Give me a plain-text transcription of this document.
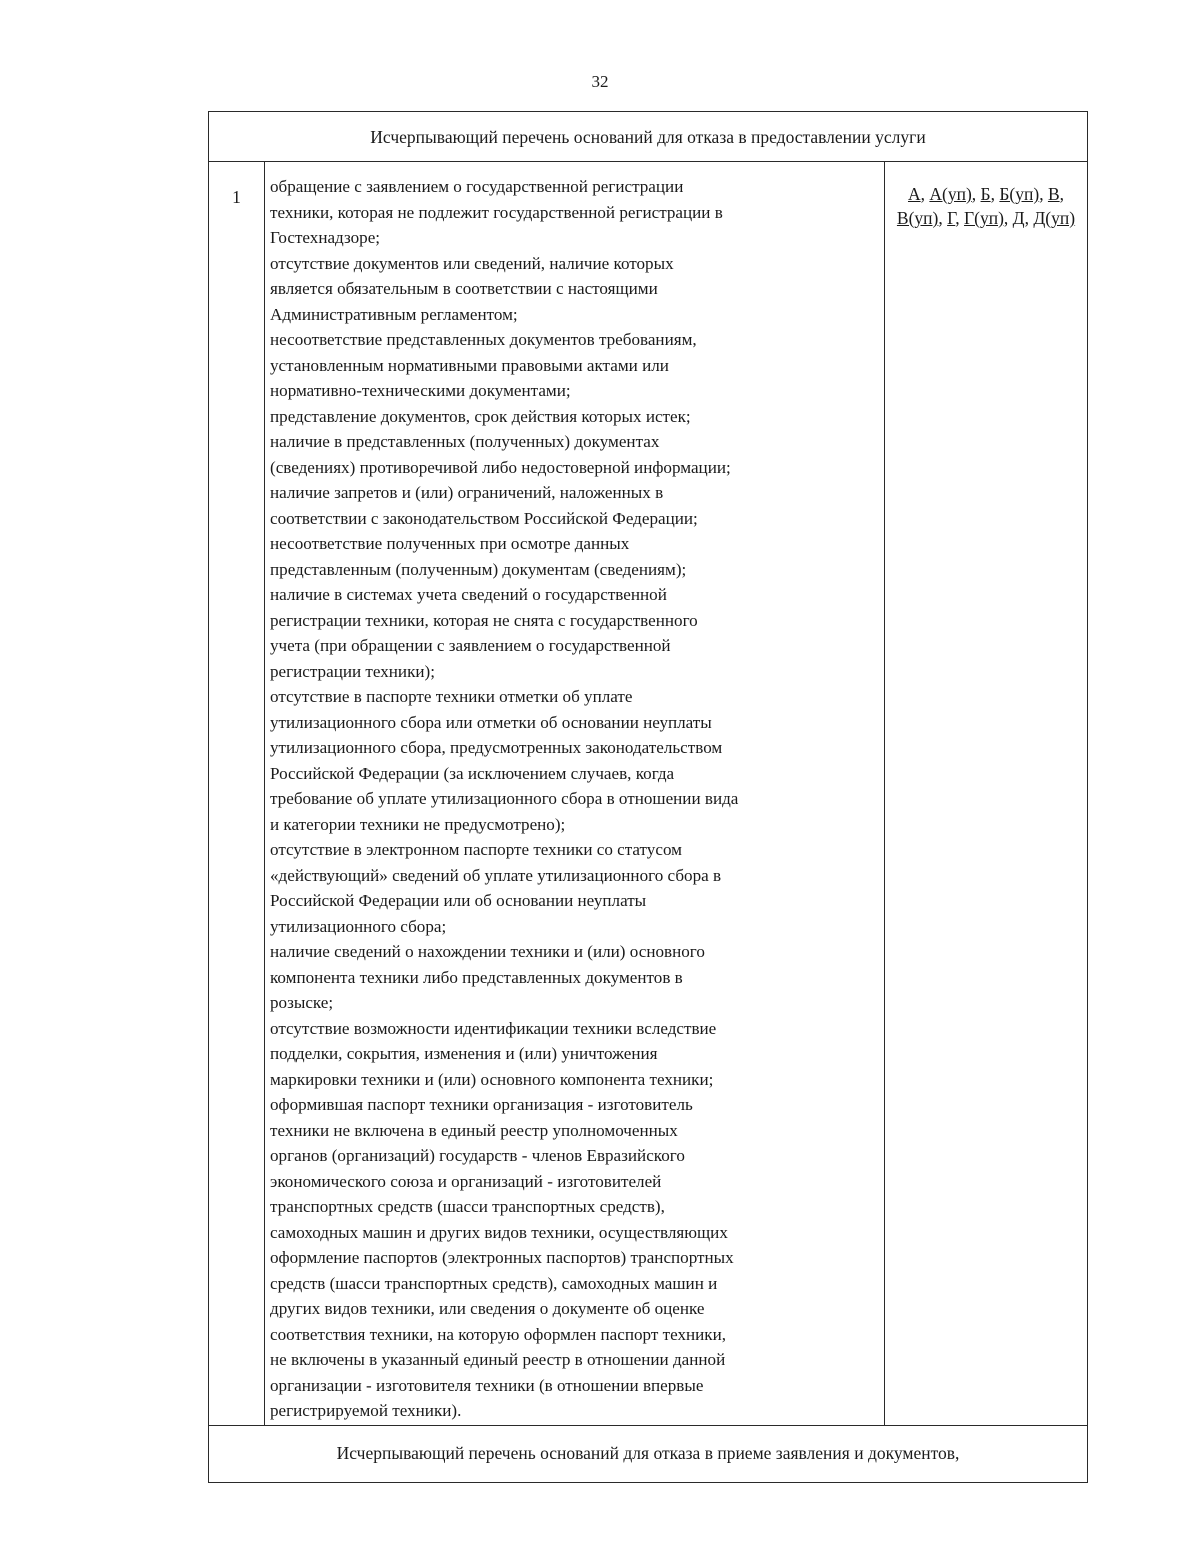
32
Исчерпывающий перечень оснований для отказа в предоставлении услуги
1
обращение с заявлением о государственной регистрации
техники, которая не подлежит государственной регистрации в
Гостехнадзоре;
отсутствие документов или сведений, наличие которых
является обязательным в соответствии с настоящими
Административным регламентом;
несоответствие представленных документов требованиям,
установленным нормативными правовыми актами или
нормативно-техническими документами;
представление документов, срок действия которых истек;
наличие в представленных (полученных) документах
(сведениях) противоречивой либо недостоверной информации;
наличие запретов и (или) ограничений, наложенных в
соответствии с законодательством Российской Федерации;
несоответствие полученных при осмотре данных
представленным (полученным) документам (сведениям);
наличие в системах учета сведений о государственной
регистрации техники, которая не снята с государственного
учета (при обращении с заявлением о государственной
регистрации техники);
отсутствие в паспорте техники отметки об уплате
утилизационного сбора или отметки об основании неуплаты
утилизационного сбора, предусмотренных законодательством
Российской Федерации (за исключением случаев, когда
требование об уплате утилизационного сбора в отношении вида
и категории техники не предусмотрено);
отсутствие в электронном паспорте техники со статусом
«действующий» сведений об уплате утилизационного сбора в
Российской Федерации или об основании неуплаты
утилизационного сбора;
наличие сведений о нахождении техники и (или) основного
компонента техники либо представленных документов в
розыске;
отсутствие возможности идентификации техники вследствие
подделки, сокрытия, изменения и (или) уничтожения
маркировки техники и (или) основного компонента техники;
оформившая паспорт техники организация - изготовитель
техники не включена в единый реестр уполномоченных
органов (организаций) государств - членов Евразийского
экономического союза и организаций - изготовителей
транспортных средств (шасси транспортных средств),
самоходных машин и других видов техники, осуществляющих
оформление паспортов (электронных паспортов) транспортных
средств (шасси транспортных средств), самоходных машин и
других видов техники, или сведения о документе об оценке
соответствия техники, на которую оформлен паспорт техники,
не включены в указанный единый реестр в отношении данной
организации - изготовителя техники (в отношении впервые
регистрируемой техники).
А, А(уп), Б, Б(уп), В, В(уп), Г, Г(уп), Д, Д(уп)
Исчерпывающий перечень оснований для отказа в приеме заявления и документов,
